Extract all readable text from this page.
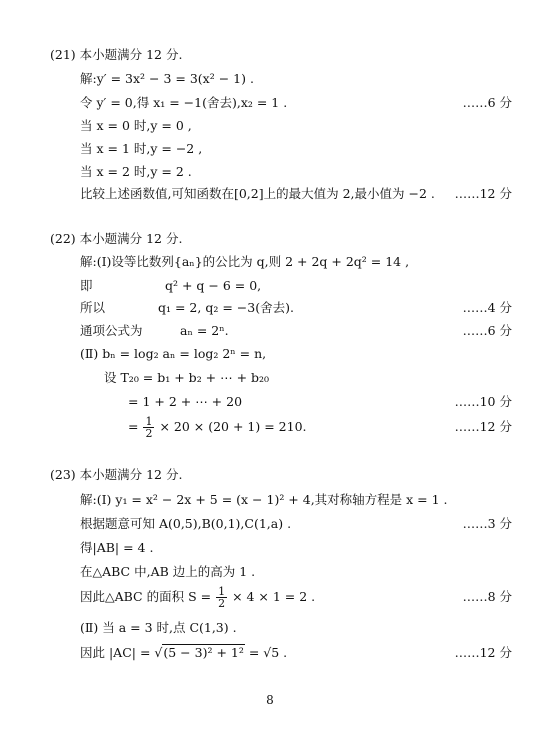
(21) 本小题满分 12 分.
解:y′ = 3x² − 3 = 3(x² − 1) .
令 y′ = 0,得 x₁ = −1(舍去),x₂ = 1 .	……6 分
当 x = 0 时,y = 0 ,
当 x = 1 时,y = −2 ,
当 x = 2 时,y = 2 .
比较上述函数值,可知函数在[0,2]上的最大值为 2,最小值为 −2 .	……12 分
(22) 本小题满分 12 分.
解:(Ⅰ)设等比数列{aₙ}的公比为 q,则 2 + 2q + 2q² = 14 ,
即	q² + q − 6 = 0,
所以	q₁ = 2, q₂ = −3(舍去).	……4 分
通项公式为	aₙ = 2ⁿ.	……6 分
(Ⅱ) bₙ = log₂ aₙ = log₂ 2ⁿ = n,
设 T₂₀ = b₁ + b₂ + ⋯ + b₂₀
= 1 + 2 + ⋯ + 20	……10 分
= $\frac{1}{2} \times 20 \times (20 + 1) = 210$.	……12 分
(23) 本小题满分 12 分.
解:(Ⅰ) y₁ = x² − 2x + 5 = (x − 1)² + 4,其对称轴方程是 x = 1 .
根据题意可知 A(0,5),B(0,1),C(1,a) .	……3 分
得|AB| = 4 .
在△ABC 中,AB 边上的高为 1 .
因此△ABC 的面积 $S = \frac{1}{2} \times 4 \times 1 = 2$ .	……8 分
(Ⅱ) 当 a = 3 时,点 C(1,3) .
因此 |AC| = √(5 − 3)² + 1² = √5 .	……12 分
8
